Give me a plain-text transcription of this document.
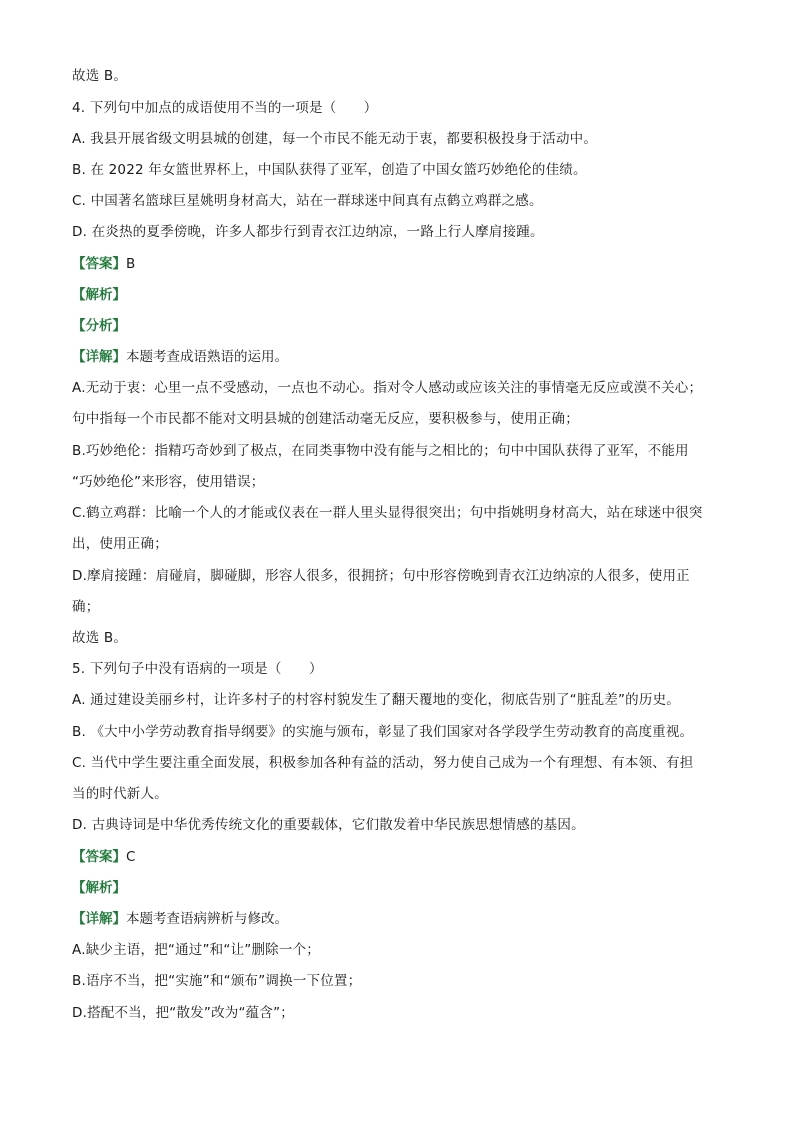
故选 B。
4. 下列句中加点的成语使用不当的一项是（　　）
A. 我县开展省级文明县城的创建，每一个市民不能无动于衷，都要积极投身于活动中。
B. 在 2022 年女篮世界杯上，中国队获得了亚军，创造了中国女篮巧妙绝伦的佳绩。
C. 中国著名篮球巨星姚明身材高大，站在一群球迷中间真有点鹤立鸡群之感。
D. 在炎热的夏季傍晚，许多人都步行到青衣江边纳凉，一路上行人摩肩接踵。
【答案】B
【解析】
【分析】
【详解】本题考查成语熟语的运用。
A.无动于衷：心里一点不受感动，一点也不动心。指对令人感动或应该关注的事情毫无反应或漠不关心；
句中指每一个市民都不能对文明县城的创建活动毫无反应，要积极参与，使用正确；
B.巧妙绝伦：指精巧奇妙到了极点，在同类事物中没有能与之相比的；句中中国队获得了亚军，不能用
“巧妙绝伦”来形容，使用错误；
C.鹤立鸡群：比喻一个人的才能或仪表在一群人里头显得很突出；句中指姚明身材高大，站在球迷中很突
出，使用正确；
D.摩肩接踵：肩碰肩，脚碰脚，形容人很多，很拥挤；句中形容傍晚到青衣江边纳凉的人很多，使用正
确；
故选 B。
5. 下列句子中没有语病的一项是（　　）
A. 通过建设美丽乡村，让许多村子的村容村貌发生了翻天覆地的变化，彻底告别了“脏乱差”的历史。
B. 《大中小学劳动教育指导纲要》的实施与颁布，彰显了我们国家对各学段学生劳动教育的高度重视。
C. 当代中学生要注重全面发展，积极参加各种有益的活动，努力使自己成为一个有理想、有本领、有担
当的时代新人。
D. 古典诗词是中华优秀传统文化的重要载体，它们散发着中华民族思想情感的基因。
【答案】C
【解析】
【详解】本题考查语病辨析与修改。
A.缺少主语，把“通过”和“让”删除一个；
B.语序不当，把“实施”和“颁布”调换一下位置；
D.搭配不当，把“散发”改为“蕴含”；
